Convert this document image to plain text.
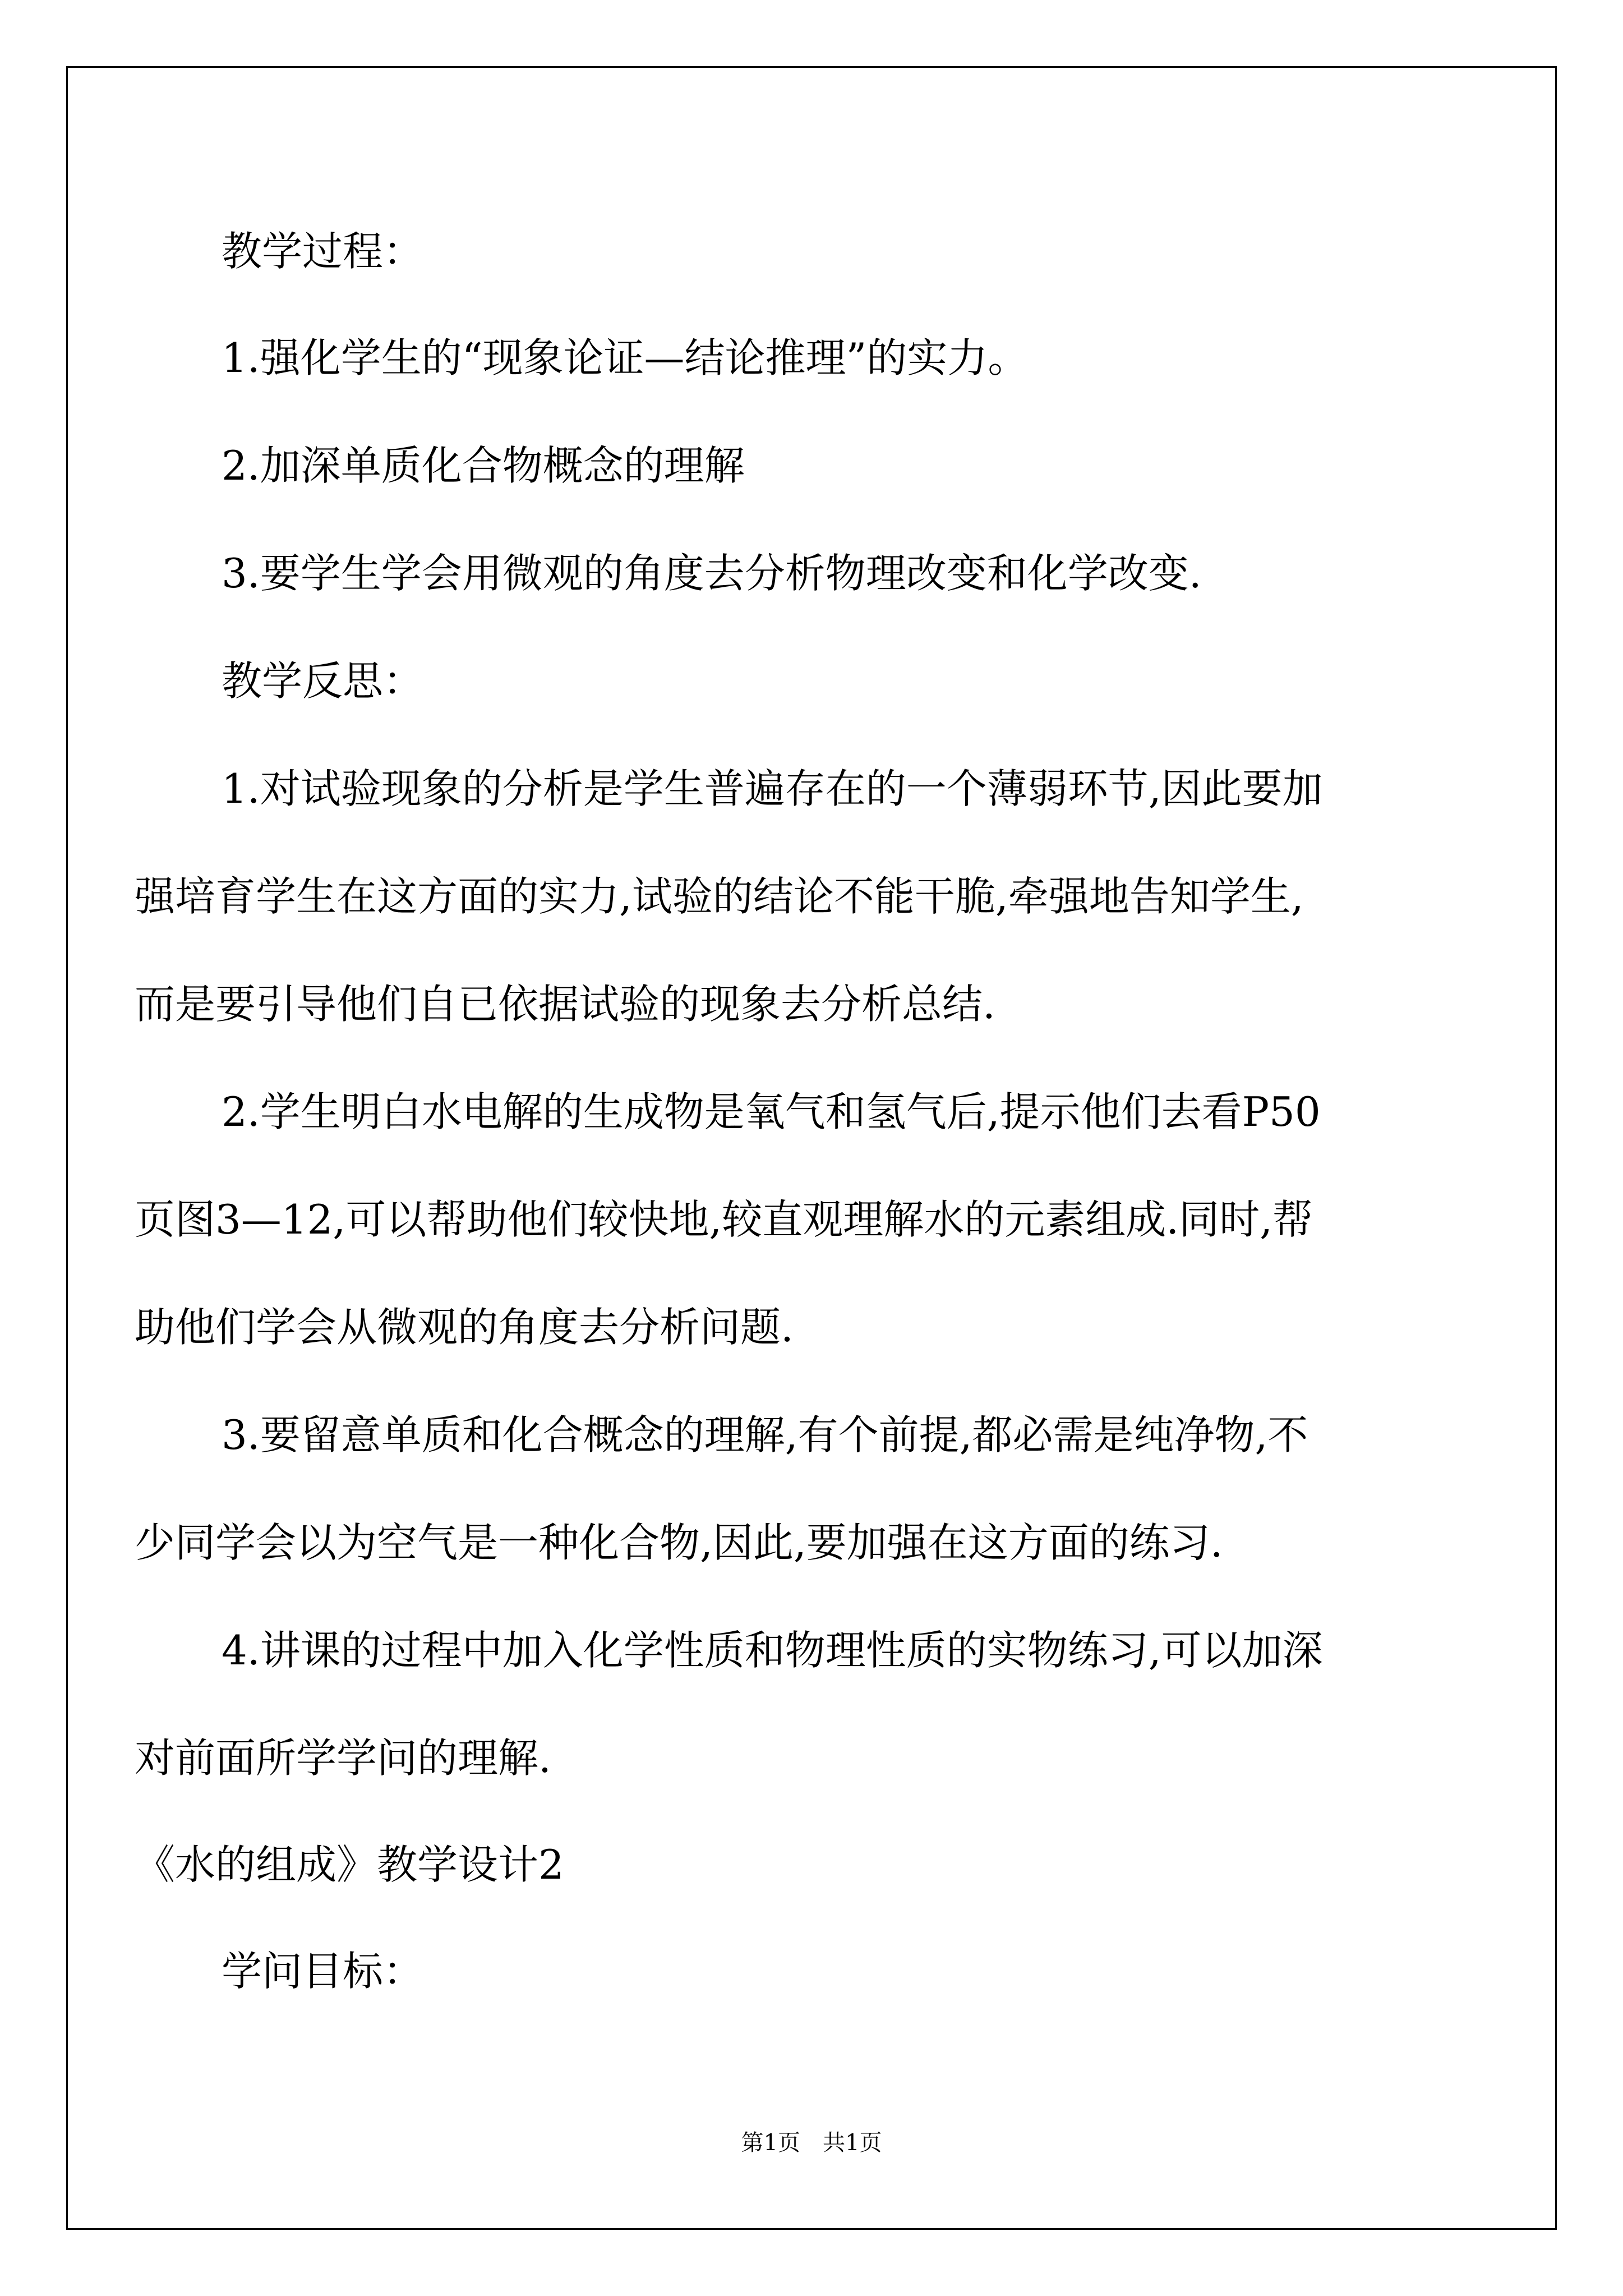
教学过程：
1.强化学生的“现象论证—结论推理”的实力。
2.加深单质化合物概念的理解
3.要学生学会用微观的角度去分析物理改变和化学改变.
教学反思：
1.对试验现象的分析是学生普遍存在的一个薄弱环节,因此要加
强培育学生在这方面的实力,试验的结论不能干脆,牵强地告知学生,
而是要引导他们自已依据试验的现象去分析总结.
2.学生明白水电解的生成物是氧气和氢气后,提示他们去看P50
页图3—12,可以帮助他们较快地,较直观理解水的元素组成.同时,帮
助他们学会从微观的角度去分析问题.
3.要留意单质和化合概念的理解,有个前提,都必需是纯净物,不
少同学会以为空气是一种化合物,因此,要加强在这方面的练习.
4.讲课的过程中加入化学性质和物理性质的实物练习,可以加深
对前面所学学问的理解.
《水的组成》教学设计2
学问目标：
第1页 共1页
